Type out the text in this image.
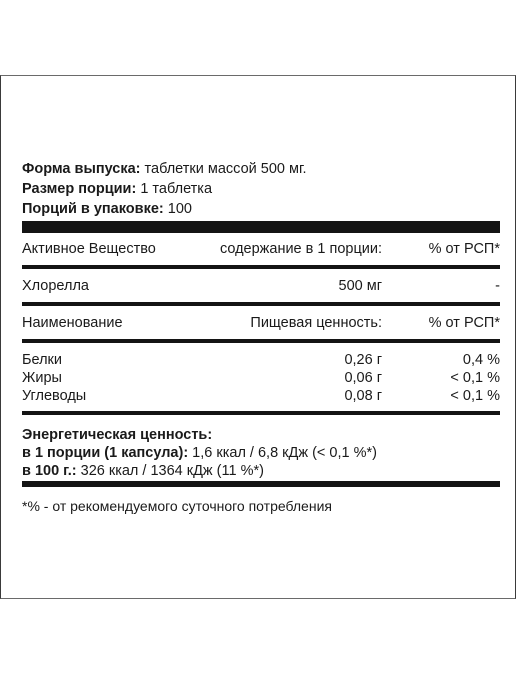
Форма выпуска: таблетки массой 500 мг.
Размер порции: 1 таблетка
Порций в упаковке: 100
Активное Вещество	содержание в 1 порции:	% от РСП*
Хлорелла	500 мг	-
Наименование	Пищевая ценность:	% от РСП*
Белки	0,26 г	0,4 %
Жиры	0,06 г	< 0,1 %
Углеводы	0,08 г	< 0,1 %
Энергетическая ценность:
в 1 порции (1 капсула): 1,6 ккал / 6,8 кДж (< 0,1 %*)
в 100 г.: 326 ккал / 1364 кДж (11 %*)
*% - от рекомендуемого суточного потребления
